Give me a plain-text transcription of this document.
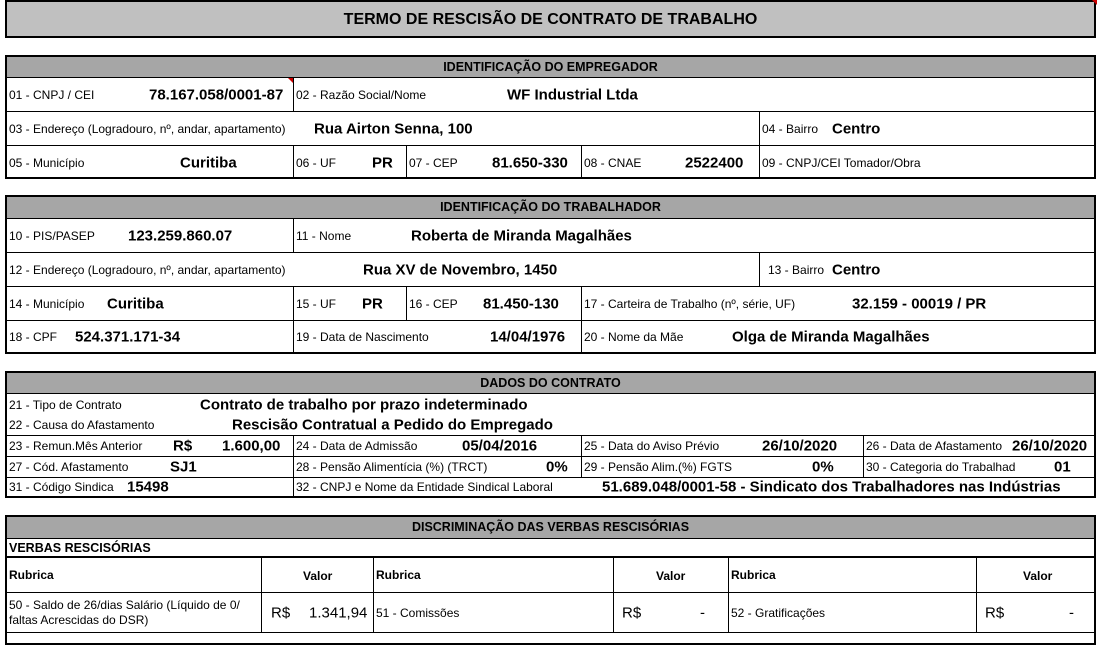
TERMO DE RESCISÃO DE CONTRATO DE TRABALHO
IDENTIFICAÇÃO DO EMPREGADOR
01 - CNPJ / CEI	78.167.058/0001-87 02 - Razão Social/Nome	WF Industrial Ltda
03 - Endereço (Logradouro, nº, andar, apartamento) Rua Airton Senna, 100	04 - Bairro Centro
05 - Município	Curitiba	06 - UF PR 07 - CEP 81.650-330 08 - CNAE	2522400 09 - CNPJ/CEI Tomador/Obra
IDENTIFICAÇÃO DO TRABALHADOR
10 - PIS/PASEP 123.259.860.07	11 - Nome	Roberta de Miranda Magalhães
12 - Endereço (Logradouro, nº, andar, apartamento)	Rua XV de Novembro, 1450	13 - Bairro Centro
14 - Município Curitiba	15 - UF PR 16 - CEP 81.450-130 17 - Carteira de Trabalho (nº, série, UF)	32.159 - 00019 / PR
18 - CPF 524.371.171-34	19 - Data de Nascimento	14/04/1976 20 - Nome da Mãe	Olga de Miranda Magalhães
DADOS DO CONTRATO
21 - Tipo de Contrato	Contrato de trabalho por prazo indeterminado
22 - Causa do Afastamento	Rescisão Contratual a Pedido do Empregado
23 - Remun.Mês Anterior R$ 1.600,00 24 - Data de Admissão	05/04/2016	25 - Data do Aviso Prévio	26/10/2020 26 - Data de Afastamento 26/10/2020
27 - Cód. Afastamento	SJ1	28 - Pensão Alimentícia (%) (TRCT)	0% 29 - Pensão Alim.(%) FGTS	0%	30 - Categoria do Trabalhad	01
31 - Código Sindica 15498	32 - CNPJ e Nome da Entidade Sindical Laboral	51.689.048/0001-58 - Sindicato dos Trabalhadores nas Indústrias
DISCRIMINAÇÃO DAS VERBAS RESCISÓRIAS
VERBAS RESCISÓRIAS
Rubrica	Valor	Rubrica	Valor	Rubrica	Valor
50 - Saldo de 26/dias Salário (Líquido de 0/ faltas Acrescidas do DSR)	R$ 1.341,94 51 - Comissões	R$	- 52 - Gratificações	R$	-
